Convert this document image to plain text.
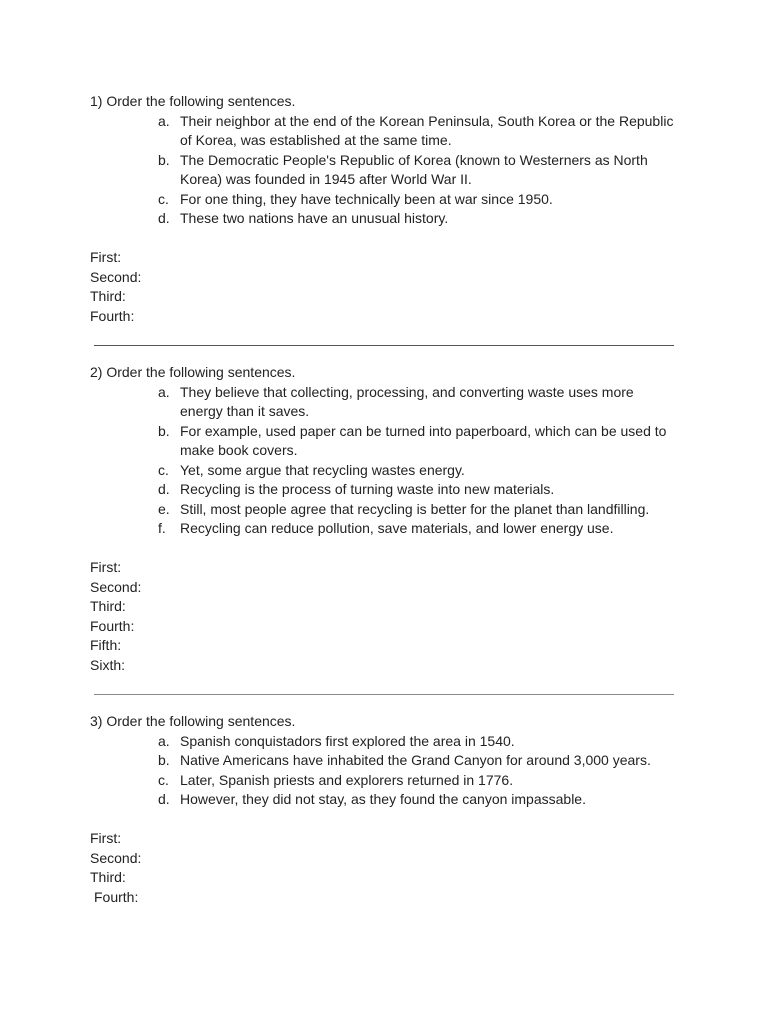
1) Order the following sentences.

a. Their neighbor at the end of the Korean Peninsula, South Korea or the Republic of Korea, was established at the same time.
b. The Democratic People's Republic of Korea (known to Westerners as North Korea) was founded in 1945 after World War II.
c. For one thing, they have technically been at war since 1950.
d. These two nations have an unusual history.
First:
Second:
Third:
Fourth:

2) Order the following sentences.

a. They believe that collecting, processing, and converting waste uses more energy than it saves.
b. For example, used paper can be turned into paperboard, which can be used to make book covers.
c. Yet, some argue that recycling wastes energy.
d. Recycling is the process of turning waste into new materials.
e. Still, most people agree that recycling is better for the planet than landfilling.
f. Recycling can reduce pollution, save materials, and lower energy use.
First:
Second:
Third:
Fourth:
Fifth:
Sixth:

3) Order the following sentences.

a. Spanish conquistadors first explored the area in 1540.
b. Native Americans have inhabited the Grand Canyon for around 3,000 years.
c. Later, Spanish priests and explorers returned in 1776.
d. However, they did not stay, as they found the canyon impassable.
First:
Second:
Third:
Fourth:
